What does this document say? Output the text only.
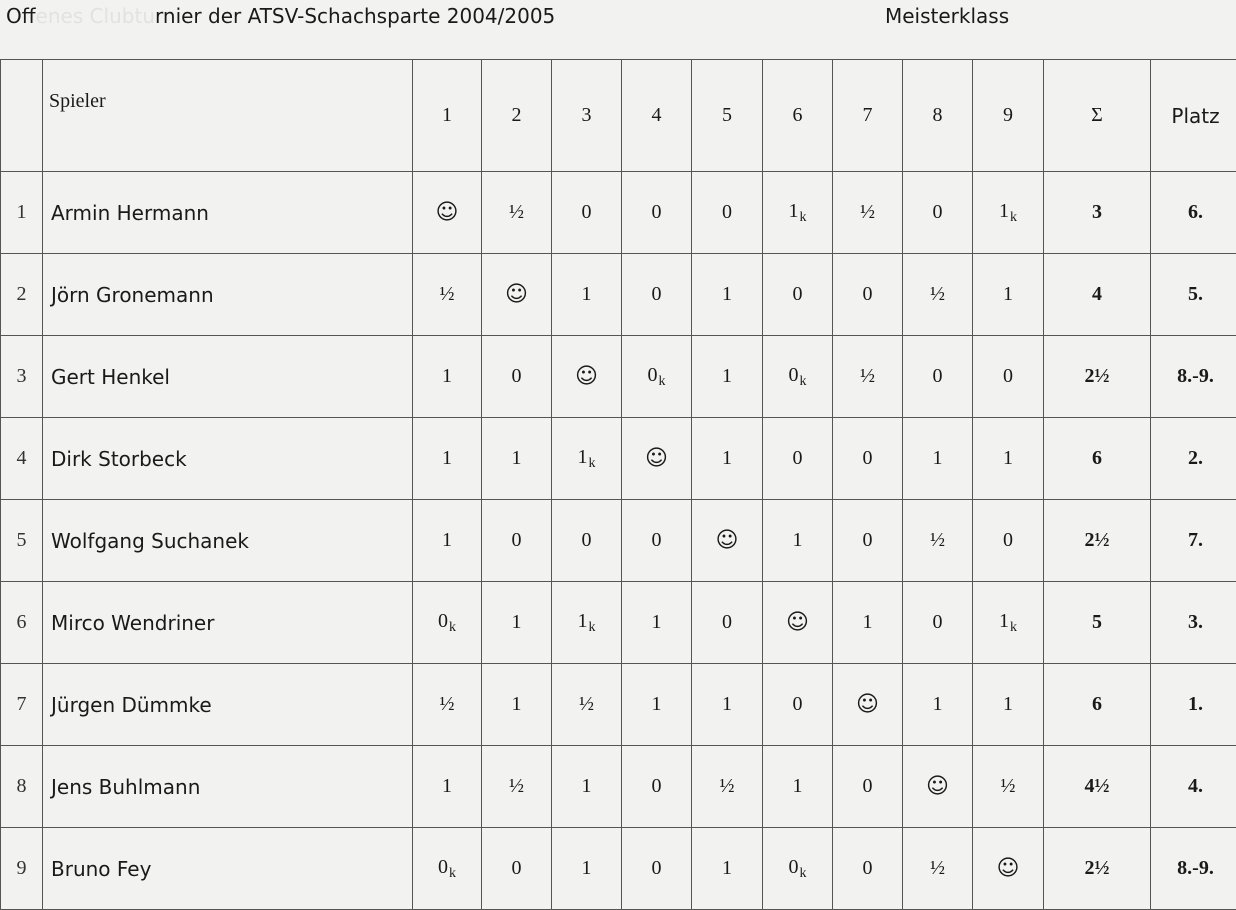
Offenes Clubturnier der ATSV-Schachsparte 2004/2005	Meisterklass
	Spieler	1	2	3	4	5	6	7	8	9	Σ	Platz
1	Armin Hermann	☺	½	0	0	0	$1_k$	½	0	$1_k$	3	6.
2	Jörn Gronemann	½	☺	1	0	1	0	0	½	1	4	5.
3	Gert Henkel	1	0	☺	$0_k$	1	$0_k$	½	0	0	2½	8.-9.
4	Dirk Storbeck	1	1	$1_k$	☺	1	0	0	1	1	6	2.
5	Wolfgang Suchanek	1	0	0	0	☺	1	0	½	0	2½	7.
6	Mirco Wendriner	$0_k$	1	$1_k$	1	0	☺	1	0	$1_k$	5	3.
7	Jürgen Dümmke	½	1	½	1	1	0	☺	1	1	6	1.
8	Jens Buhlmann	1	½	1	0	½	1	0	☺	½	4½	4.
9	Bruno Fey	$0_k$	0	1	0	1	$0_k$	0	½	☺	2½	8.-9.
